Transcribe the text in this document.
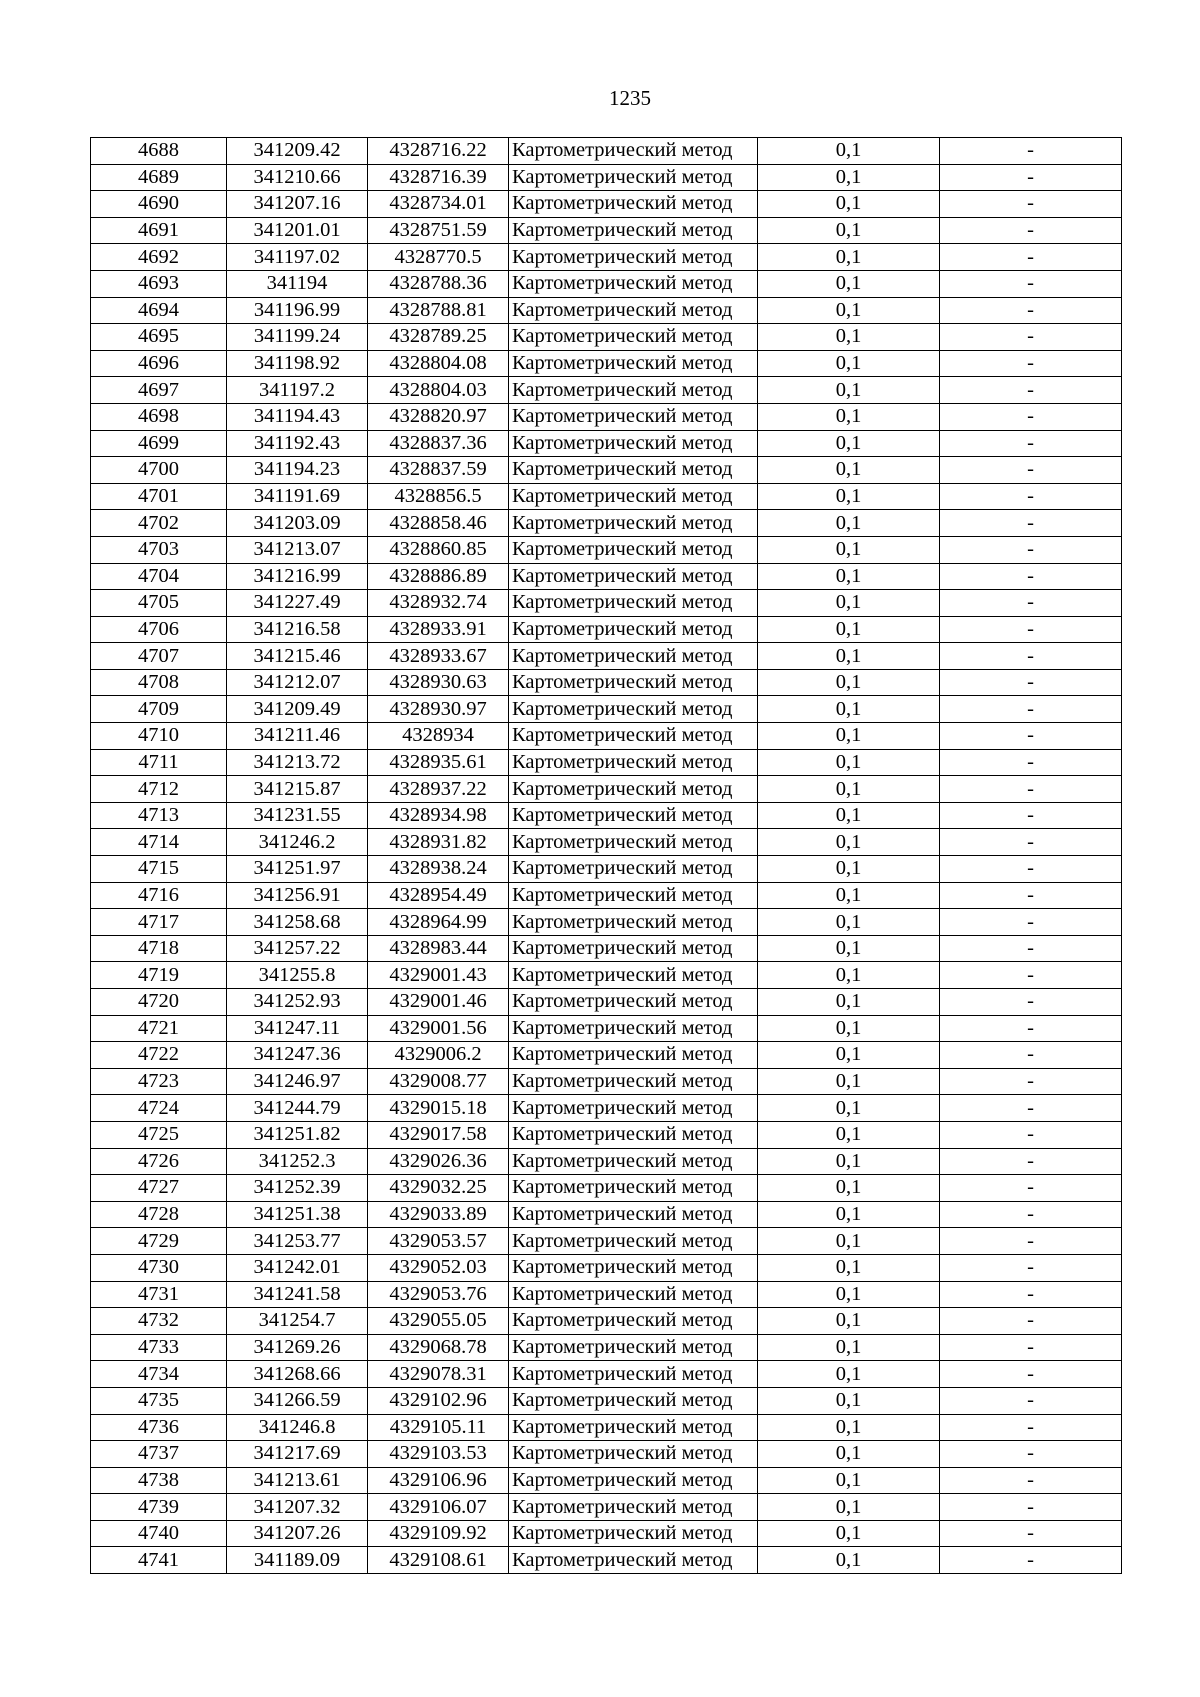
1235
4688	341209.42	4328716.22	Картометрический метод	0,1	-
4689	341210.66	4328716.39	Картометрический метод	0,1	-
4690	341207.16	4328734.01	Картометрический метод	0,1	-
4691	341201.01	4328751.59	Картометрический метод	0,1	-
4692	341197.02	4328770.5	Картометрический метод	0,1	-
4693	341194	4328788.36	Картометрический метод	0,1	-
4694	341196.99	4328788.81	Картометрический метод	0,1	-
4695	341199.24	4328789.25	Картометрический метод	0,1	-
4696	341198.92	4328804.08	Картометрический метод	0,1	-
4697	341197.2	4328804.03	Картометрический метод	0,1	-
4698	341194.43	4328820.97	Картометрический метод	0,1	-
4699	341192.43	4328837.36	Картометрический метод	0,1	-
4700	341194.23	4328837.59	Картометрический метод	0,1	-
4701	341191.69	4328856.5	Картометрический метод	0,1	-
4702	341203.09	4328858.46	Картометрический метод	0,1	-
4703	341213.07	4328860.85	Картометрический метод	0,1	-
4704	341216.99	4328886.89	Картометрический метод	0,1	-
4705	341227.49	4328932.74	Картометрический метод	0,1	-
4706	341216.58	4328933.91	Картометрический метод	0,1	-
4707	341215.46	4328933.67	Картометрический метод	0,1	-
4708	341212.07	4328930.63	Картометрический метод	0,1	-
4709	341209.49	4328930.97	Картометрический метод	0,1	-
4710	341211.46	4328934	Картометрический метод	0,1	-
4711	341213.72	4328935.61	Картометрический метод	0,1	-
4712	341215.87	4328937.22	Картометрический метод	0,1	-
4713	341231.55	4328934.98	Картометрический метод	0,1	-
4714	341246.2	4328931.82	Картометрический метод	0,1	-
4715	341251.97	4328938.24	Картометрический метод	0,1	-
4716	341256.91	4328954.49	Картометрический метод	0,1	-
4717	341258.68	4328964.99	Картометрический метод	0,1	-
4718	341257.22	4328983.44	Картометрический метод	0,1	-
4719	341255.8	4329001.43	Картометрический метод	0,1	-
4720	341252.93	4329001.46	Картометрический метод	0,1	-
4721	341247.11	4329001.56	Картометрический метод	0,1	-
4722	341247.36	4329006.2	Картометрический метод	0,1	-
4723	341246.97	4329008.77	Картометрический метод	0,1	-
4724	341244.79	4329015.18	Картометрический метод	0,1	-
4725	341251.82	4329017.58	Картометрический метод	0,1	-
4726	341252.3	4329026.36	Картометрический метод	0,1	-
4727	341252.39	4329032.25	Картометрический метод	0,1	-
4728	341251.38	4329033.89	Картометрический метод	0,1	-
4729	341253.77	4329053.57	Картометрический метод	0,1	-
4730	341242.01	4329052.03	Картометрический метод	0,1	-
4731	341241.58	4329053.76	Картометрический метод	0,1	-
4732	341254.7	4329055.05	Картометрический метод	0,1	-
4733	341269.26	4329068.78	Картометрический метод	0,1	-
4734	341268.66	4329078.31	Картометрический метод	0,1	-
4735	341266.59	4329102.96	Картометрический метод	0,1	-
4736	341246.8	4329105.11	Картометрический метод	0,1	-
4737	341217.69	4329103.53	Картометрический метод	0,1	-
4738	341213.61	4329106.96	Картометрический метод	0,1	-
4739	341207.32	4329106.07	Картометрический метод	0,1	-
4740	341207.26	4329109.92	Картометрический метод	0,1	-
4741	341189.09	4329108.61	Картометрический метод	0,1	-
